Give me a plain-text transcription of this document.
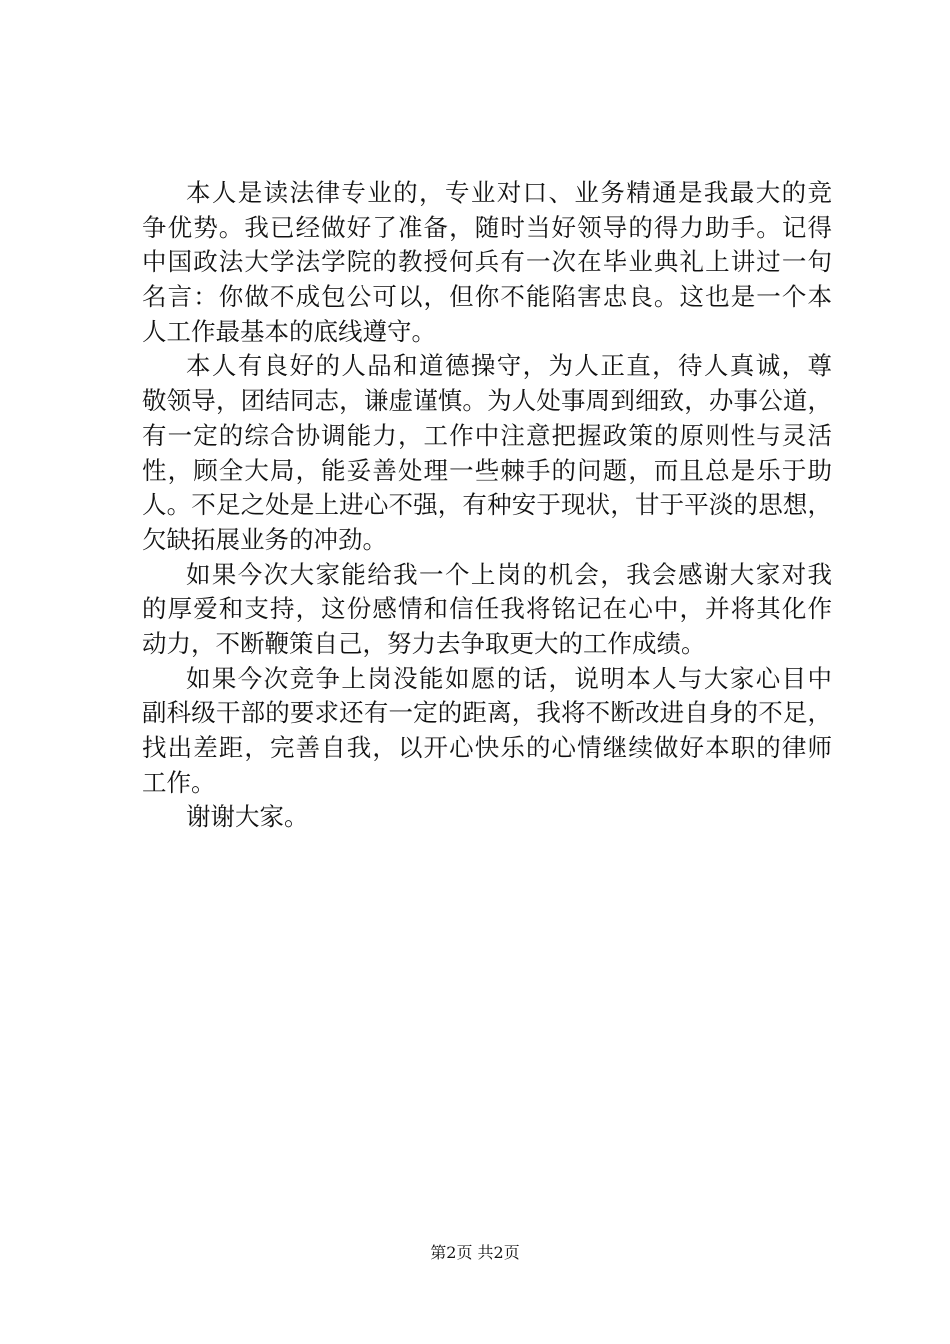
本人是读法律专业的，专业对口、业务精通是我最大的竞
争优势。我已经做好了准备，随时当好领导的得力助手。记得
中国政法大学法学院的教授何兵有一次在毕业典礼上讲过一句
名言：你做不成包公可以，但你不能陷害忠良。这也是一个本
人工作最基本的底线遵守。
本人有良好的人品和道德操守，为人正直，待人真诚，尊
敬领导，团结同志，谦虚谨慎。为人处事周到细致，办事公道，
有一定的综合协调能力，工作中注意把握政策的原则性与灵活
性，顾全大局，能妥善处理一些棘手的问题，而且总是乐于助
人。不足之处是上进心不强，有种安于现状，甘于平淡的思想，
欠缺拓展业务的冲劲。
如果今次大家能给我一个上岗的机会，我会感谢大家对我
的厚爱和支持，这份感情和信任我将铭记在心中，并将其化作
动力，不断鞭策自己，努力去争取更大的工作成绩。
如果今次竞争上岗没能如愿的话，说明本人与大家心目中
副科级干部的要求还有一定的距离，我将不断改进自身的不足，
找出差距，完善自我，以开心快乐的心情继续做好本职的律师
工作。
谢谢大家。
第2页 共2页
